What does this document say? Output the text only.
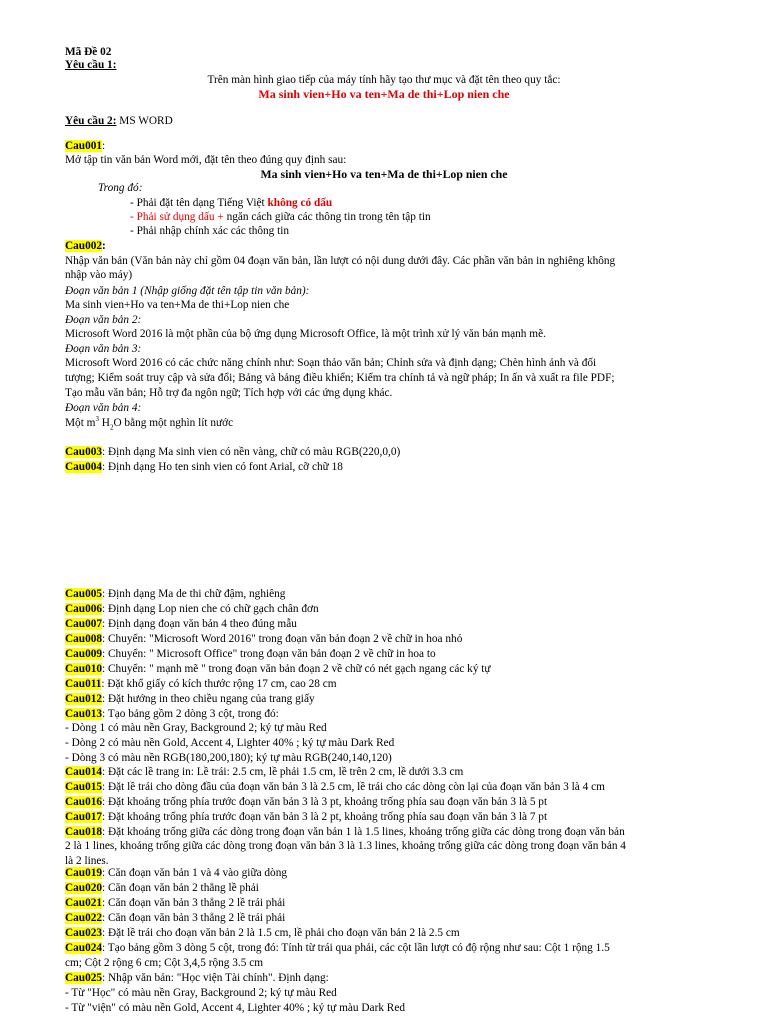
Mã Đề 02
Yêu cầu 1:
Trên màn hình giao tiếp của máy tính hãy tạo thư mục và đặt tên theo quy tắc:
Ma sinh vien+Ho va ten+Ma de thi+Lop nien che
Yêu cầu 2: MS WORD
Cau001:
Mở tập tin văn bản Word mới, đặt tên theo đúng quy định sau:
Ma sinh vien+Ho va ten+Ma de thi+Lop nien che
Trong đó:
- Phải đặt tên dạng Tiếng Việt không có dấu
- Phải sử dụng dấu + ngăn cách giữa các thông tin trong tên tập tin
- Phải nhập chính xác các thông tin
Cau002:
Nhập văn bản (Văn bản này chỉ gồm 04 đoạn văn bản, lần lượt có nội dung dưới đây. Các phần văn bản in nghiêng không
nhập vào máy)
Đoạn văn bản 1 (Nhập giống đặt tên tập tin văn bản):
Ma sinh vien+Ho va ten+Ma de thi+Lop nien che
Đoạn văn bản 2:
Microsoft Word 2016 là một phần của bộ ứng dụng Microsoft Office, là một trình xử lý văn bản mạnh mẽ.
Đoạn văn bản 3:
Microsoft Word 2016 có các chức năng chính như: Soạn thảo văn bản; Chỉnh sửa và định dạng; Chèn hình ảnh và đối
tượng; Kiểm soát truy cập và sửa đổi; Bảng và bảng điều khiển; Kiểm tra chính tả và ngữ pháp; In ấn và xuất ra file PDF;
Tạo mẫu văn bản; Hỗ trợ đa ngôn ngữ; Tích hợp với các ứng dụng khác.
Đoạn văn bản 4:
Một $m^3$ $H_2O$ bằng một nghìn lít nước
Cau003: Định dạng Ma sinh vien có nền vàng, chữ có màu RGB(220,0,0)
Cau004: Định dạng Ho ten sinh vien có font Arial, cỡ chữ 18
Cau005: Định dạng Ma de thi chữ đậm, nghiêng
Cau006: Định dạng Lop nien che có chữ gạch chân đơn
Cau007: Định dạng đoạn văn bản 4 theo đúng mẫu
Cau008: Chuyển: "Microsoft Word 2016" trong đoạn văn bản đoạn 2 về chữ in hoa nhỏ
Cau009: Chuyển: " Microsoft Office" trong đoạn văn bản đoạn 2 về chữ in hoa to
Cau010: Chuyển: " mạnh mẽ " trong đoạn văn bản đoạn 2 về chữ có nét gạch ngang các ký tự
Cau011: Đặt khổ giấy có kích thước rộng 17 cm, cao 28 cm
Cau012: Đặt hướng in theo chiều ngang của trang giấy
Cau013: Tạo bảng gồm 2 dòng 3 cột, trong đó:
- Dòng 1 có màu nền Gray, Background 2; ký tự màu Red
- Dòng 2 có màu nền Gold, Accent 4, Lighter 40% ; ký tự màu Dark Red
- Dòng 3 có màu nền RGB(180,200,180); ký tự màu RGB(240,140,120)
Cau014: Đặt các lề trang in: Lề trái: 2.5 cm, lề phải 1.5 cm, lề trên 2 cm, lề dưới 3.3 cm
Cau015: Đặt lề trái cho dòng đầu của đoạn văn bản 3 là 2.5 cm, lề trái cho các dòng còn lại của đoạn văn bản 3 là 4 cm
Cau016: Đặt khoảng trống phía trước đoạn văn bản 3 là 3 pt, khoảng trống phía sau đoạn văn bản 3 là 5 pt
Cau017: Đặt khoảng trống phía trước đoạn văn bản 3 là 2 pt, khoảng trống phía sau đoạn văn bản 3 là 7 pt
Cau018: Đặt khoảng trống giữa các dòng trong đoạn văn bản 1 là 1.5 lines, khoảng trống giữa các dòng trong đoạn văn bản
2 là 1 lines, khoảng trống giữa các dòng trong đoạn văn bản 3 là 1.3 lines, khoảng trống giữa các dòng trong đoạn văn bản 4
là 2 lines.
Cau019: Căn đoạn văn bản 1 và 4 vào giữa dòng
Cau020: Căn đoạn văn bản 2 thẳng lề phải
Cau021: Căn đoạn văn bản 3 thẳng 2 lề trái phải
Cau022: Căn đoạn văn bản 3 thẳng 2 lề trái phải
Cau023: Đặt lề trái cho đoạn văn bản 2 là 1.5 cm, lề phải cho đoạn văn bản 2 là 2.5 cm
Cau024: Tạo bảng gồm 3 dòng 5 cột, trong đó: Tính từ trái qua phải, các cột lần lượt có độ rộng như sau: Cột 1 rộng 1.5
cm; Cột 2 rộng 6 cm; Cột 3,4,5 rộng 3.5 cm
Cau025: Nhập văn bản: "Học viện Tài chính". Định dạng:
- Từ "Học" có màu nền Gray, Background 2; ký tự màu Red
- Từ "viện" có màu nền Gold, Accent 4, Lighter 40% ; ký tự màu Dark Red
